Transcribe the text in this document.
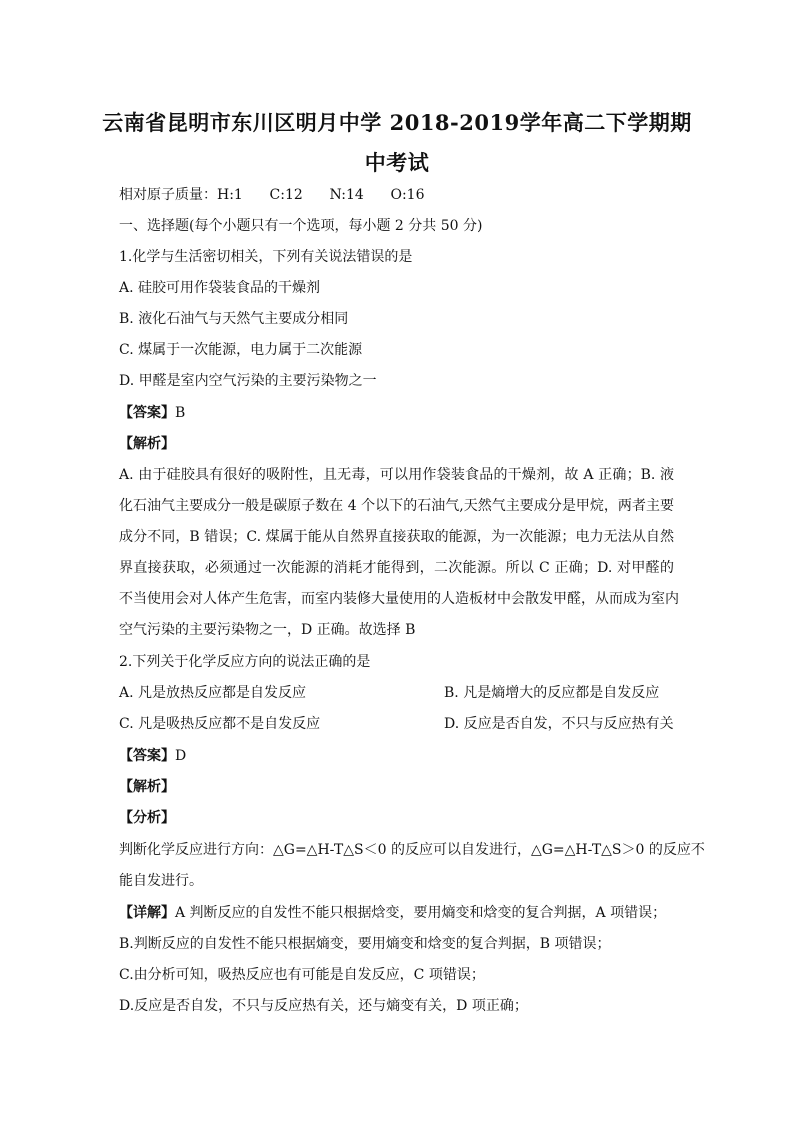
云南省昆明市东川区明月中学 2018-2019学年高二下学期期
中考试
相对原子质量：H:1      C:12      N:14      O:16
一、选择题(每个小题只有一个选项，每小题 2 分共 50 分)
1.化学与生活密切相关，下列有关说法错误的是
A. 硅胶可用作袋装食品的干燥剂
B. 液化石油气与天然气主要成分相同
C. 煤属于一次能源，电力属于二次能源
D. 甲醛是室内空气污染的主要污染物之一
【答案】B
【解析】
A. 由于硅胶具有很好的吸附性，且无毒，可以用作袋装食品的干燥剂，故 A 正确；B. 液
化石油气主要成分一般是碳原子数在 4 个以下的石油气,天然气主要成分是甲烷，两者主要
成分不同，B 错误；C. 煤属于能从自然界直接获取的能源，为一次能源；电力无法从自然
界直接获取，必须通过一次能源的消耗才能得到，二次能源。所以 C 正确；D. 对甲醛的
不当使用会对人体产生危害，而室内装修大量使用的人造板材中会散发甲醛，从而成为室内
空气污染的主要污染物之一，D 正确。故选择 B
2.下列关于化学反应方向的说法正确的是
A. 凡是放热反应都是自发反应	B. 凡是熵增大的反应都是自发反应
C. 凡是吸热反应都不是自发反应	D. 反应是否自发，不只与反应热有关
【答案】D
【解析】
【分析】
判断化学反应进行方向：△G=△H-T△S＜0 的反应可以自发进行，△G=△H-T△S＞0 的反应不
能自发进行。
【详解】A 判断反应的自发性不能只根据焓变，要用熵变和焓变的复合判据，A 项错误；
B.判断反应的自发性不能只根据熵变，要用熵变和焓变的复合判据，B 项错误；
C.由分析可知，吸热反应也有可能是自发反应，C 项错误；
D.反应是否自发，不只与反应热有关，还与熵变有关，D 项正确；
